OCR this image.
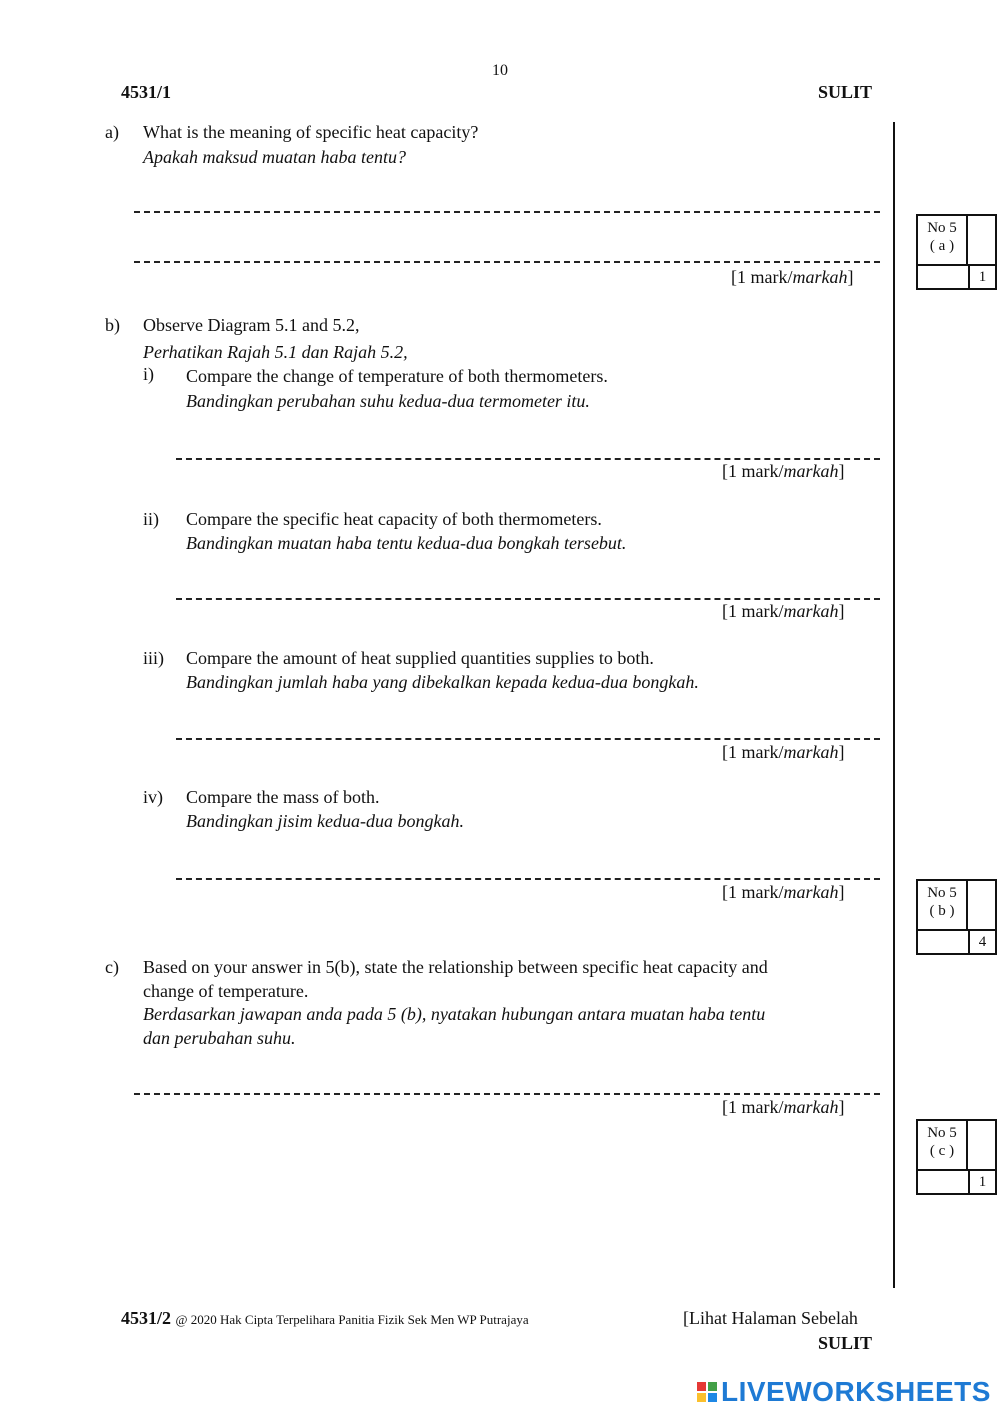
10
4531/1	SULIT
a) What is the meaning of specific heat capacity?
Apakah maksud muatan haba tentu?
[1 mark/markah]
b) Observe Diagram 5.1 and 5.2,
Perhatikan Rajah 5.1 dan Rajah 5.2,
i) Compare the change of temperature of both thermometers.
Bandingkan perubahan suhu kedua-dua termometer itu.
[1 mark/markah]
ii) Compare the specific heat capacity of both thermometers.
Bandingkan muatan haba tentu kedua-dua bongkah tersebut.
[1 mark/markah]
iii) Compare the amount of heat supplied quantities supplies to both.
Bandingkan jumlah haba yang dibekalkan kepada kedua-dua bongkah.
[1 mark/markah]
iv) Compare the mass of both.
Bandingkan jisim kedua-dua bongkah.
[1 mark/markah]
c) Based on your answer in 5(b), state the relationship between specific heat capacity and
change of temperature.
Berdasarkan jawapan anda pada 5 (b), nyatakan hubungan antara muatan haba tentu
dan perubahan suhu.
[1 mark/markah]
No 5
( a )
1
No 5
( b )
4
No 5
( c )
1
4531/2 @ 2020 Hak Cipta Terpelihara Panitia Fizik Sek Men WP Putrajaya	[Lihat Halaman Sebelah
SULIT
LIVEWORKSHEETS
